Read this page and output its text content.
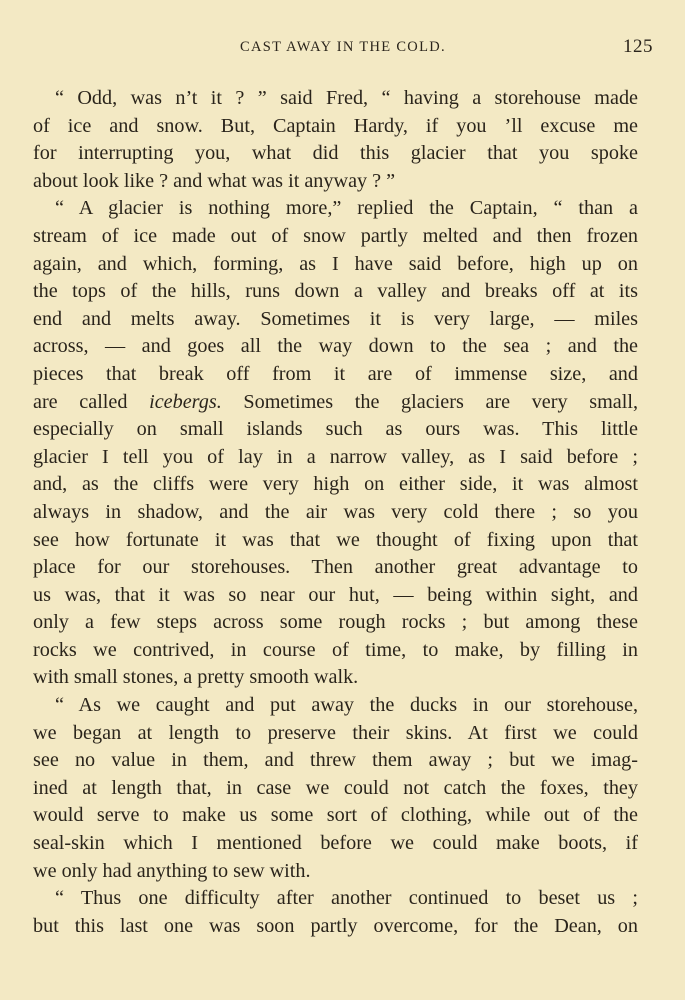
CAST AWAY IN THE COLD.	125
“ Odd, was n’t it ? ” said Fred, “ having a storehouse made
of ice and snow. But, Captain Hardy, if you ’ll excuse me
for interrupting you, what did this glacier that you spoke
about look like ? and what was it anyway ? ”
“ A glacier is nothing more,” replied the Captain, “ than a
stream of ice made out of snow partly melted and then frozen
again, and which, forming, as I have said before, high up on
the tops of the hills, runs down a valley and breaks off at its
end and melts away. Sometimes it is very large, — miles
across, — and goes all the way down to the sea ; and the
pieces that break off from it are of immense size, and
are called icebergs. Sometimes the glaciers are very small,
especially on small islands such as ours was. This little
glacier I tell you of lay in a narrow valley, as I said before ;
and, as the cliffs were very high on either side, it was almost
always in shadow, and the air was very cold there ; so you
see how fortunate it was that we thought of fixing upon that
place for our storehouses. Then another great advantage to
us was, that it was so near our hut, — being within sight, and
only a few steps across some rough rocks ; but among these
rocks we contrived, in course of time, to make, by filling in
with small stones, a pretty smooth walk.
“ As we caught and put away the ducks in our storehouse,
we began at length to preserve their skins. At first we could
see no value in them, and threw them away ; but we imag-
ined at length that, in case we could not catch the foxes, they
would serve to make us some sort of clothing, while out of the
seal-skin which I mentioned before we could make boots, if
we only had anything to sew with.
“ Thus one difficulty after another continued to beset us ;
but this last one was soon partly overcome, for the Dean, on
